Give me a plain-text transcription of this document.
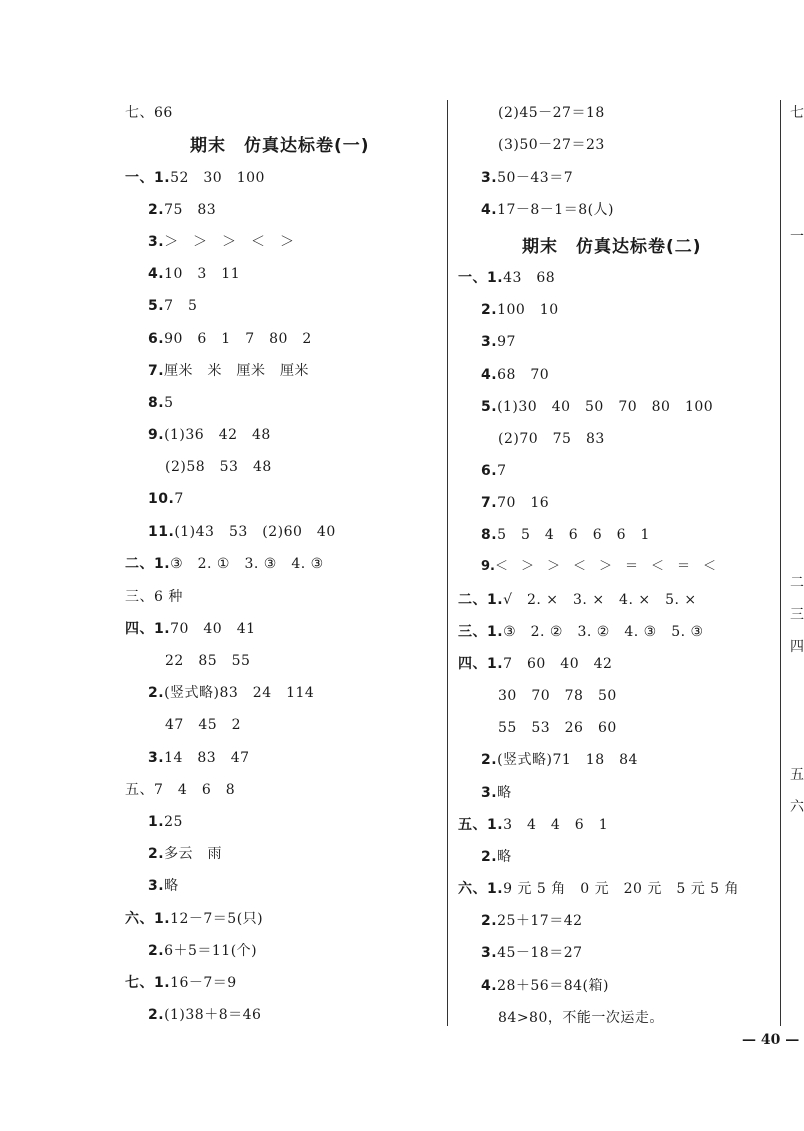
七、66
期末　仿真达标卷(一)
一、1.52　30　100
2.75　83
3.＞　＞　＞　＜　＞
4.10　3　11
5.7　5
6.90　6　1　7　80　2
7.厘米　米　厘米　厘米
8.5
9.(1)36　42　48
(2)58　53　48
10.7
11.(1)43　53　(2)60　40
二、1.③　2. ①　3. ③　4. ③
三、6 种
四、1.70　40　41
22　85　55
2.(竖式略)83　24　114
47　45　2
3.14　83　47
五、7　4　6　8
1.25
2.多云　雨
3.略
六、1.12－7＝5(只)
2.6＋5＝11(个)
七、1.16－7＝9
2.(1)38＋8＝46
(2)45－27＝18
(3)50－27＝23
3.50－43＝7
4.17－8－1＝8(人)
期末　仿真达标卷(二)
一、1.43　68
2.100　10
3.97
4.68　70
5.(1)30　40　50　70　80　100
(2)70　75　83
6.7
7.70　16
8.5　5　4　6　6　6　1
9.＜　＞　＞　＜　＞　＝　＜　＝　＜
二、1.√　2. ×　3. ×　4. ×　5. ×
三、1.③　2. ②　3. ②　4. ③　5. ③
四、1.7　60　40　42
30　70　78　50
55　53　26　60
2.(竖式略)71　18　84
3.略
五、1.3　4　4　6　1
2.略
六、1.9 元 5 角　0 元　20 元　5 元 5 角
2.25＋17＝42
3.45－18＝27
4.28＋56＝84(箱)
84>80，不能一次运走。
七
一
二
三
四
五
六
— 40 —
